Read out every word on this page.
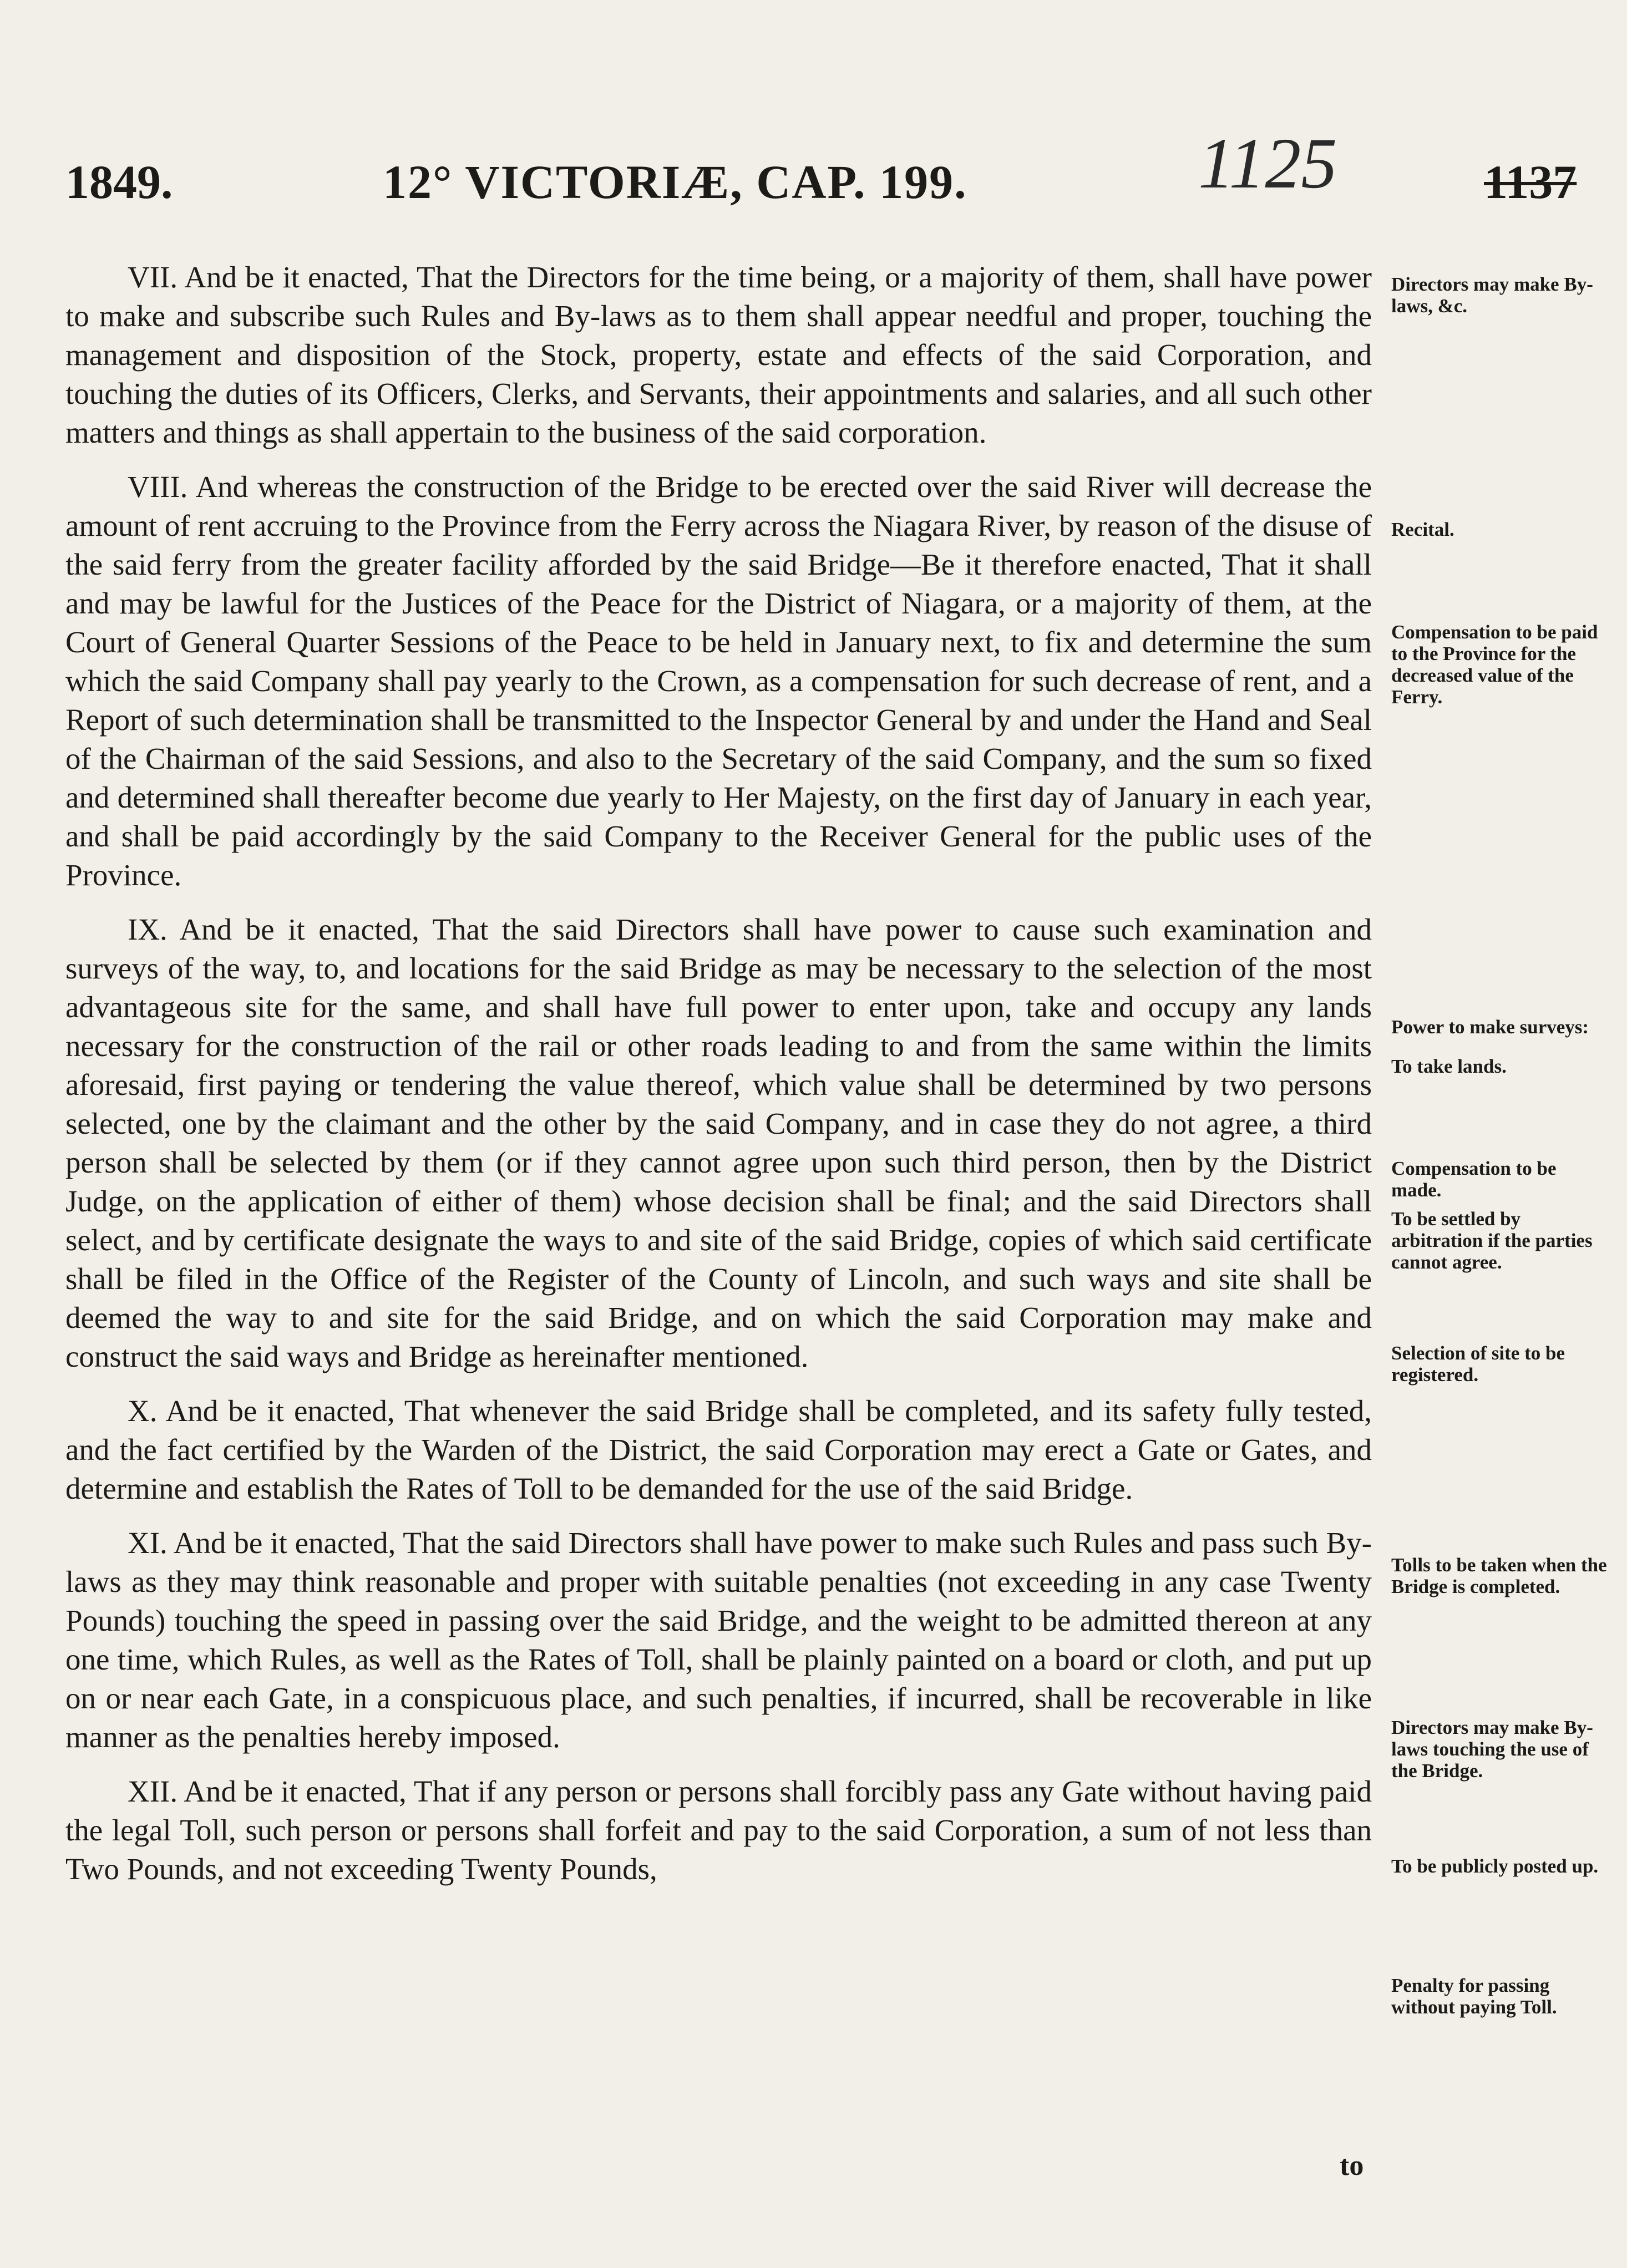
1849.	12° VICTORIÆ, CAP. 199.	1125	1137

VII. And be it enacted, That the Directors for the time being, or a majority of them, shall have power to make and subscribe such Rules and By-laws as to them shall appear needful and proper, touching the management and disposition of the Stock, property, estate and effects of the said Corporation, and touching the duties of its Officers, Clerks, and Servants, their appointments and salaries, and all such other matters and things as shall appertain to the business of the said corporation.

VIII. And whereas the construction of the Bridge to be erected over the said River will decrease the amount of rent accruing to the Province from the Ferry across the Niagara River, by reason of the disuse of the said ferry from the greater facility afforded by the said Bridge—Be it therefore enacted, That it shall and may be lawful for the Justices of the Peace for the District of Niagara, or a majority of them, at the Court of General Quarter Sessions of the Peace to be held in January next, to fix and determine the sum which the said Company shall pay yearly to the Crown, as a compensation for such decrease of rent, and a Report of such determination shall be transmitted to the Inspector General by and under the Hand and Seal of the Chairman of the said Sessions, and also to the Secretary of the said Company, and the sum so fixed and determined shall thereafter become due yearly to Her Majesty, on the first day of January in each year, and shall be paid accordingly by the said Company to the Receiver General for the public uses of the Province.

IX. And be it enacted, That the said Directors shall have power to cause such examination and surveys of the way, to, and locations for the said Bridge as may be necessary to the selection of the most advantageous site for the same, and shall have full power to enter upon, take and occupy any lands necessary for the construction of the rail or other roads leading to and from the same within the limits aforesaid, first paying or tendering the value thereof, which value shall be determined by two persons selected, one by the claimant and the other by the said Company, and in case they do not agree, a third person shall be selected by them (or if they cannot agree upon such third person, then by the District Judge, on the application of either of them) whose decision shall be final; and the said Directors shall select, and by certificate designate the ways to and site of the said Bridge, copies of which said certificate shall be filed in the Office of the Register of the County of Lincoln, and such ways and site shall be deemed the way to and site for the said Bridge, and on which the said Corporation may make and construct the said ways and Bridge as hereinafter mentioned.

X. And be it enacted, That whenever the said Bridge shall be completed, and its safety fully tested, and the fact certified by the Warden of the District, the said Corporation may erect a Gate or Gates, and determine and establish the Rates of Toll to be demanded for the use of the said Bridge.

XI. And be it enacted, That the said Directors shall have power to make such Rules and pass such By-laws as they may think reasonable and proper with suitable penalties (not exceeding in any case Twenty Pounds) touching the speed in passing over the said Bridge, and the weight to be admitted thereon at any one time, which Rules, as well as the Rates of Toll, shall be plainly painted on a board or cloth, and put up on or near each Gate, in a conspicuous place, and such penalties, if incurred, shall be recoverable in like manner as the penalties hereby imposed.

XII. And be it enacted, That if any person or persons shall forcibly pass any Gate without having paid the legal Toll, such person or persons shall forfeit and pay to the said Corporation, a sum of not less than Two Pounds, and not exceeding Twenty Pounds,

Directors may make By-laws, &c.
Recital.
Compensation to be paid to the Province for the decreased value of the Ferry.
Power to make surveys:
To take lands.
Compensation to be made.
To be settled by arbitration if the parties cannot agree.
Selection of site to be registered.
Tolls to be taken when the Bridge is completed.
Directors may make By-laws touching the use of the Bridge.
To be publicly posted up.
Penalty for passing without paying Toll.
to
